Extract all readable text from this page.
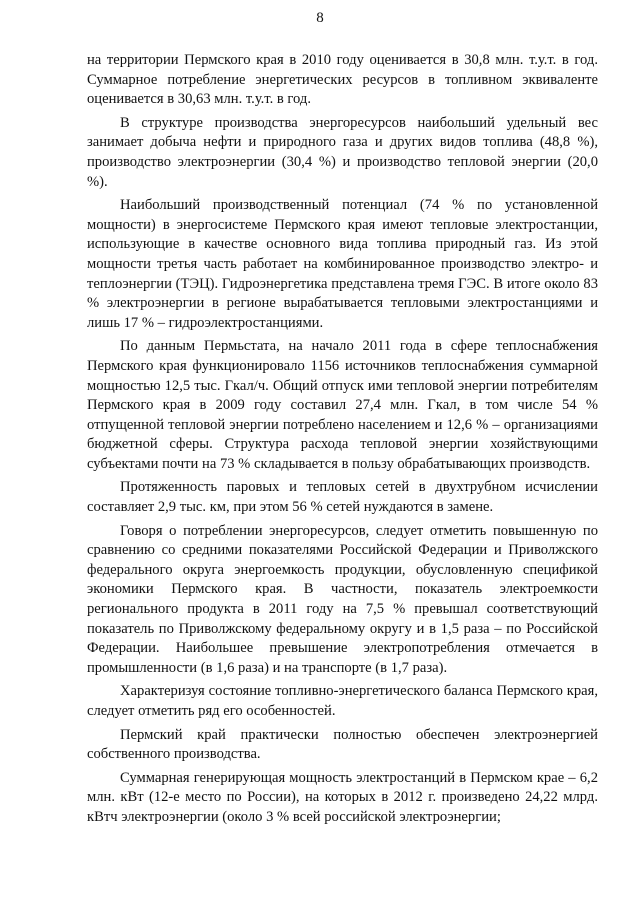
8

на территории Пермского края в 2010 году оценивается в 30,8 млн. т.у.т. в год. Суммарное потребление энергетических ресурсов в топливном эквиваленте оценивается в 30,63 млн. т.у.т. в год.

В структуре производства энергоресурсов наибольший удельный вес занимает добыча нефти и природного газа и других видов топлива (48,8 %), производство электроэнергии (30,4 %) и производство тепловой энергии (20,0 %).

Наибольший производственный потенциал (74 % по установленной мощности) в энергосистеме Пермского края имеют тепловые электростанции, использующие в качестве основного вида топлива природный газ. Из этой мощности третья часть работает на комбинированное производство электро- и теплоэнергии (ТЭЦ). Гидроэнергетика представлена тремя ГЭС. В итоге около 83 % электроэнергии в регионе вырабатывается тепловыми электростанциями и лишь 17 % – гидроэлектростанциями.

По данным Пермьстата, на начало 2011 года в сфере теплоснабжения Пермского края функционировало 1156 источников теплоснабжения суммарной мощностью 12,5 тыс. Гкал/ч. Общий отпуск ими тепловой энергии потребителям Пермского края в 2009 году составил 27,4 млн. Гкал, в том числе 54 % отпущенной тепловой энергии потреблено населением и 12,6 % – организациями бюджетной сферы. Структура расхода тепловой энергии хозяйствующими субъектами почти на 73 % складывается в пользу обрабатывающих производств.

Протяженность паровых и тепловых сетей в двухтрубном исчислении составляет 2,9 тыс. км, при этом 56 % сетей нуждаются в замене.

Говоря о потреблении энергоресурсов, следует отметить повышенную по сравнению со средними показателями Российской Федерации и Приволжского федерального округа энергоемкость продукции, обусловленную спецификой экономики Пермского края. В частности, показатель электроемкости регионального продукта в 2011 году на 7,5 % превышал соответствующий показатель по Приволжскому федеральному округу и в 1,5 раза – по Российской Федерации. Наибольшее превышение электропотребления отмечается в промышленности (в 1,6 раза) и на транспорте (в 1,7 раза).

Характеризуя состояние топливно-энергетического баланса Пермского края, следует отметить ряд его особенностей.

Пермский край практически полностью обеспечен электроэнергией собственного производства.

Суммарная генерирующая мощность электростанций в Пермском крае – 6,2 млн. кВт (12-е место по России), на которых в 2012 г. произведено 24,22 млрд. кВтч электроэнергии (около 3 % всей российской электроэнергии;
